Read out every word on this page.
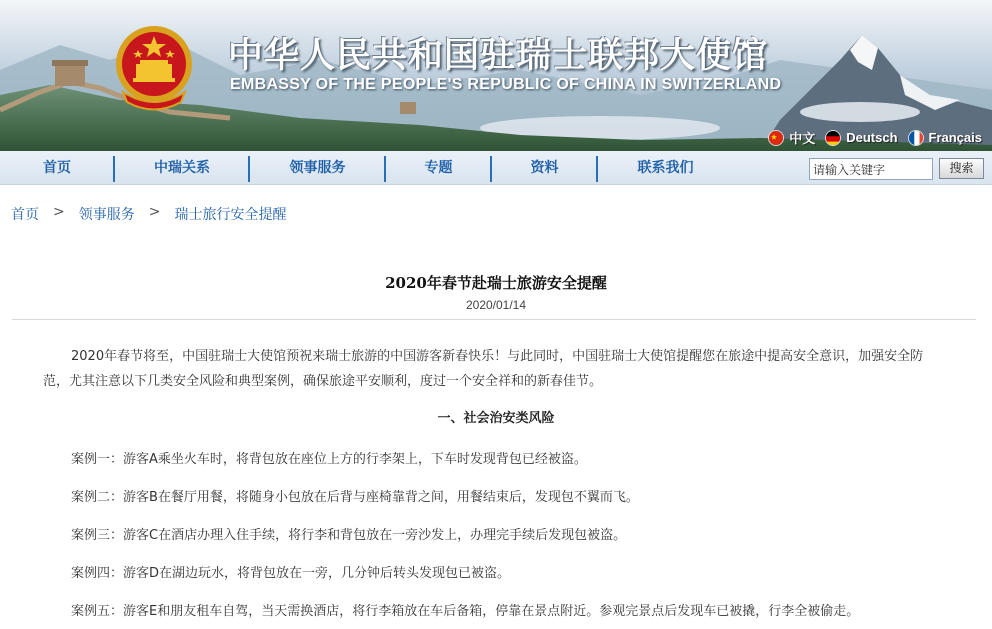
中华人民共和国驻瑞士联邦大使馆
EMBASSY OF THE PEOPLE'S REPUBLIC OF CHINA IN SWITZERLAND
中文 Deutsch Français
首页	中瑞关系	领事服务	专题	资料	联系我们
请输入关键字	搜索
首页 > 领事服务 > 瑞士旅行安全提醒
2020年春节赴瑞士旅游安全提醒
2020/01/14
2020年春节将至，中国驻瑞士大使馆预祝来瑞士旅游的中国游客新春快乐！与此同时，中国驻瑞士大使馆提醒您在旅途中提高安全意识，加强安全防范，尤其注意以下几类安全风险和典型案例，确保旅途平安顺利，度过一个安全祥和的新春佳节。
一、社会治安类风险
案例一：游客A乘坐火车时，将背包放在座位上方的行李架上，下车时发现背包已经被盗。
案例二：游客B在餐厅用餐，将随身小包放在后背与座椅靠背之间，用餐结束后，发现包不翼而飞。
案例三：游客C在酒店办理入住手续，将行李和背包放在一旁沙发上，办理完手续后发现包被盗。
案例四：游客D在湖边玩水，将背包放在一旁，几分钟后转头发现包已被盗。
案例五：游客E和朋友租车自驾，当天需换酒店，将行李箱放在车后备箱，停靠在景点附近。参观完景点后发现车已被撬，行李全被偷走。
